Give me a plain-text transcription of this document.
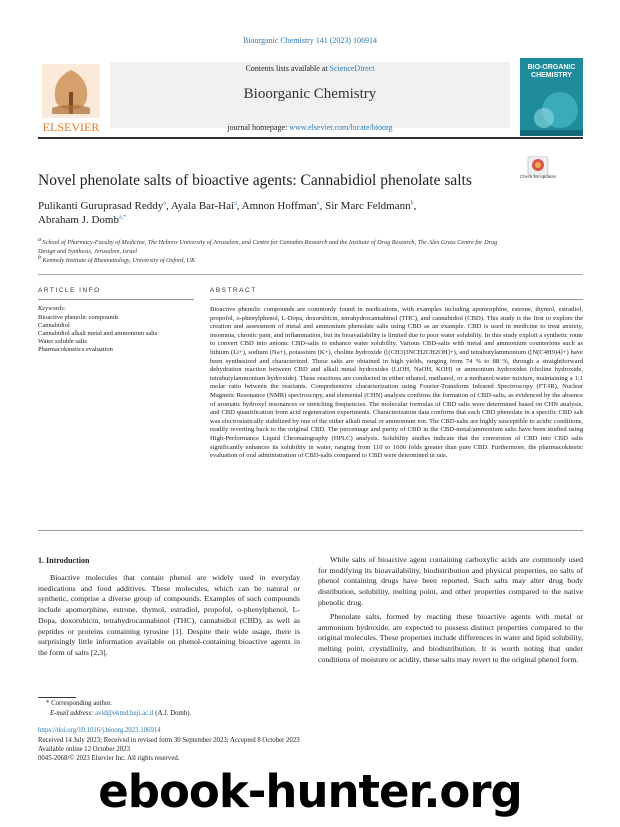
Bioorganic Chemistry 141 (2023) 106914
ELSEVIER
Contents lists available at ScienceDirect
Bioorganic Chemistry
journal homepage: www.elsevier.com/locate/bioorg
BIO-ORGANIC CHEMISTRY
Novel phenolate salts of bioactive agents: Cannabidiol phenolate salts	Check for updates
Pulikanti Guruprasad Reddy$^a$, Ayala Bar-Hai$^a$, Amnon Hoffman$^a$, Sir Marc Feldmann$^b$,
Abraham J. Domb$^{a,*}$
$^a$ School of Pharmacy-Faculty of Medicine, The Hebrew University of Jerusalem, and Centre for Cannabis Research and the Institute of Drug Research, The Alex Grass Centre for Drug Design and Synthesis, Jerusalem, Israel
$^b$ Kennedy Institute of Rheumatology, University of Oxford, UK
ARTICLE INFO	ABSTRACT
Keywords:
Bioactive phenolic compounds
Cannabidiol
Cannabidiol alkali metal and ammonium salts
Water soluble salts
Pharmacokinetics evaluation

Bioactive phenolic compounds are commonly found in medications, with examples including apomorphine, estrone, thymol, estradiol, propofol, o-phenylphenol, L-Dopa, doxorubicin, tetrahydrocannabinol (THC), and cannabidiol (CBD). This study is the first to explore the creation and assessment of metal and ammonium phenolate salts using CBD as an example. CBD is used in medicine to treat anxiety, insomnia, chronic pain, and inflammation, but its bioavailability is limited due to poor water solubility. In this study exploit a synthetic route to convert CBD into anionic CBD-salts to enhance water solubility. Various CBD-salts with metal and ammonium counterions such as lithium (Li+), sodium (Na+), potassium (K+), choline hydroxide ([(CH3)3NCH2CH2OH]+), and tetrabutylammonium ([N(C4H9)4]+) have been synthesized and characterized. These salts are obtained in high yields, ranging from 74 % to 88 %, through a straightforward dehydration reaction between CBD and alkali metal hydroxides (LiOH, NaOH, KOH) or ammonium hydroxides (choline hydroxide, tetrabutylammonium hydroxide). These reactions are conducted in either ethanol, methanol, or a methanol:water mixture, maintaining a 1:1 molar ratio between the reactants. Comprehensive characterization using Fourier-Transform Infrared Spectroscopy (FT-IR), Nuclear Magnetic Resonance (NMR) spectroscopy, and elemental (CHN) analysis confirms the formation of CBD-salts, as evidenced by the absence of aromatic hydroxyl resonances or stretching frequencies. The molecular formulas of CBD salts were determined based on CHN analysis, and CBD quantification from acid regeneration experiments. Characterization data confirms that each CBD phenolate in a specific CBD salt was electrostatically stabilized by one of the either alkali metal or ammonium ion. The CBD-salts are highly susceptible to acidic conditions, readily reverting back to the original CBD. The percentage and purity of CBD in the CBD-metal/ammonium salts have been studied using High-Performance Liquid Chromatography (HPLC) analysis. Solubility studies indicate that the conversion of CBD into CBD salts significantly enhances its solubility in water, ranging from 110 to 1606 folds greater than pure CBD. Furthermore, the pharmacokinetic evaluation of oral administration of CBD-salts compared to CBD were determined in rats.

1. Introduction

Bioactive molecules that contain phenol are widely used in everyday medications and food additives. These molecules, which can be natural or synthetic, comprise a diverse group of compounds. Examples of such compounds include apomorphine, estrone, thymol, estradiol, propofol, o-phenylphenol, L-Dopa, doxorubicin, tetrahydrocannabinol (THC), cannabidiol (CBD), as well as peptides or proteins containing tyrosine [1]. Despite their wide usage, there is surprisingly little information available on phenol-containing bioactive agents in the form of salts [2,3].

While salts of bioactive agent containing carboxylic acids are commonly used for modifying its bioavailability, biodistribution and physical properties, no salts of phenol containing drugs have been reported. Such salts may alter drug body distribution, solubility, melting point, and other properties compared to the native phenolic drug.

Phenolate salts, formed by reacting these bioactive agents with metal or ammonium hydroxide, are expected to possess distinct properties compared to the original molecules. These properties include differences in water and lipid solubility, melting point, crystallinity, and biodistribution. It is worth noting that under conditions of moisture or acidity, these salts may revert to the original phenol form.

* Corresponding author.
E-mail address: avid@ekmd.huji.ac.il (A.J. Domb).
https://doi.org/10.1016/j.bioorg.2023.106914
Received 14 July 2023; Received in revised form 30 September 2023; Accepted 8 October 2023
Available online 12 October 2023
0045-2068/© 2023 Elsevier Inc. All rights reserved.
ebook-hunter.org
